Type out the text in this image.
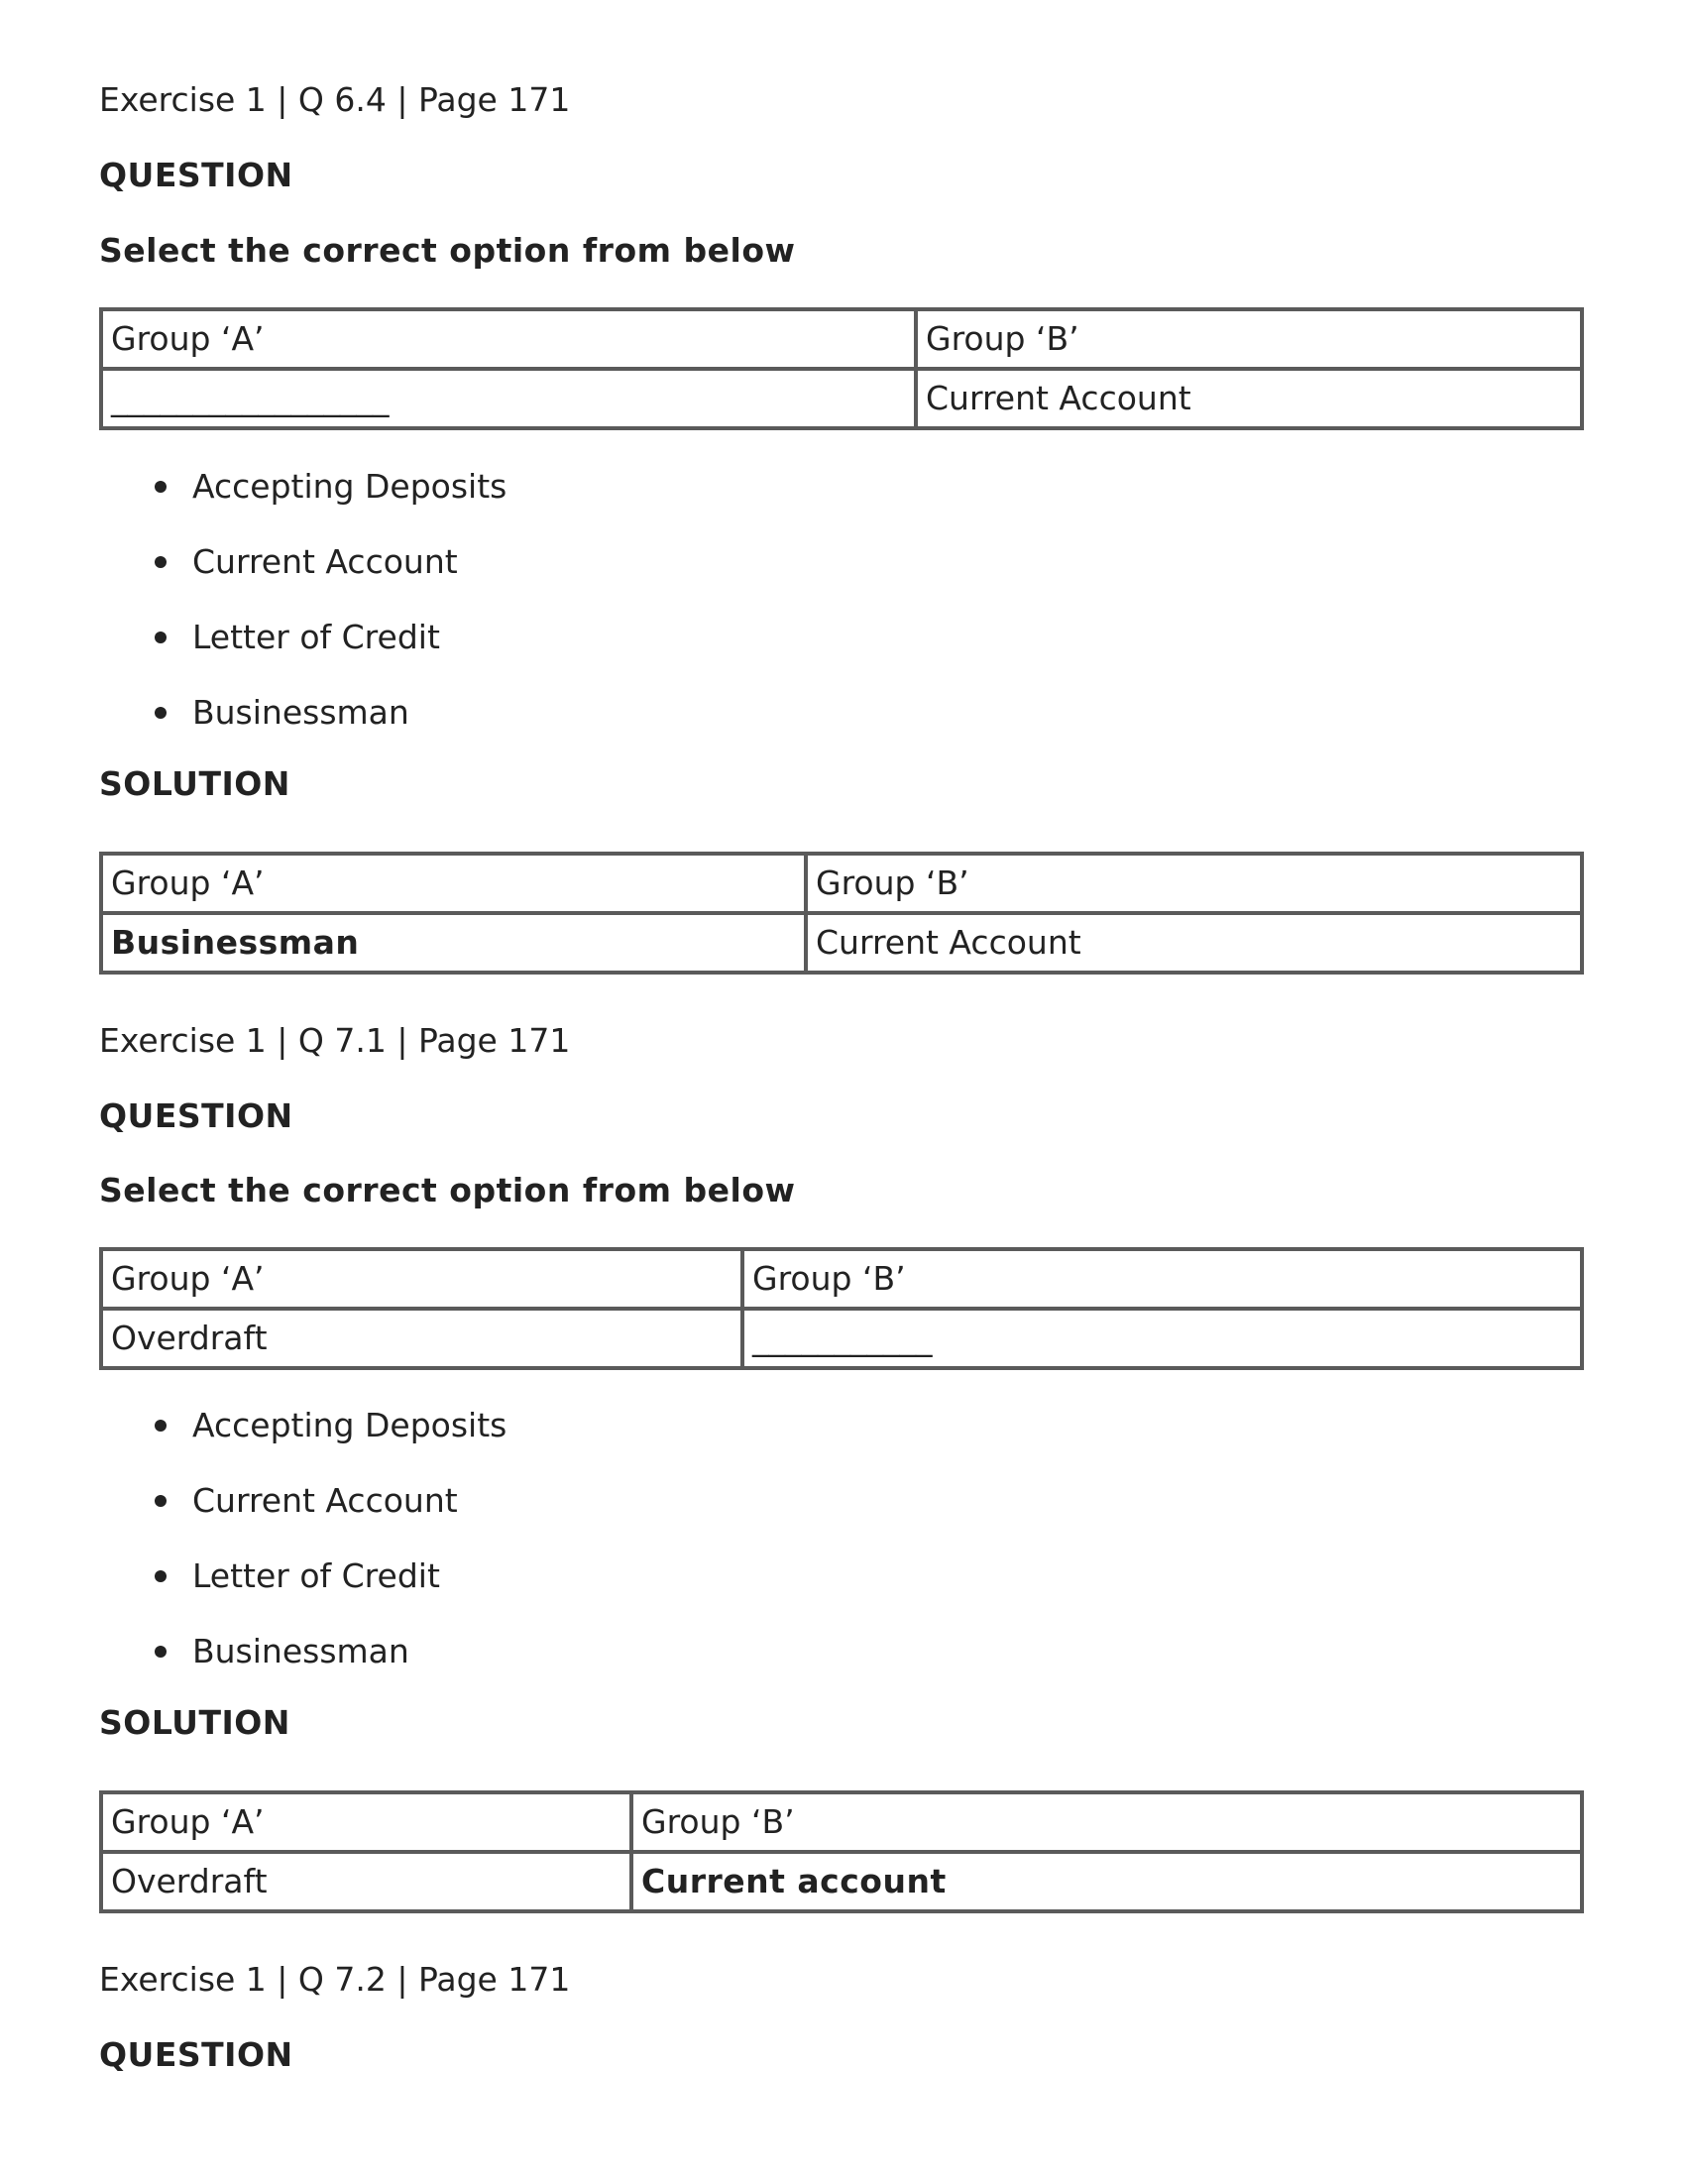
Exercise 1 | Q 6.4 | Page 171
QUESTION
Select the correct option from below
Group ‘A’	Group ‘B’
_________________	Current Account
Accepting Deposits
Current Account
Letter of Credit
Businessman
SOLUTION
Group ‘A’	Group ‘B’
Businessman	Current Account
Exercise 1 | Q 7.1 | Page 171
QUESTION
Select the correct option from below
Group ‘A’	Group ‘B’
Overdraft	___________
Accepting Deposits
Current Account
Letter of Credit
Businessman
SOLUTION
Group ‘A’	Group ‘B’
Overdraft	Current account
Exercise 1 | Q 7.2 | Page 171
QUESTION
